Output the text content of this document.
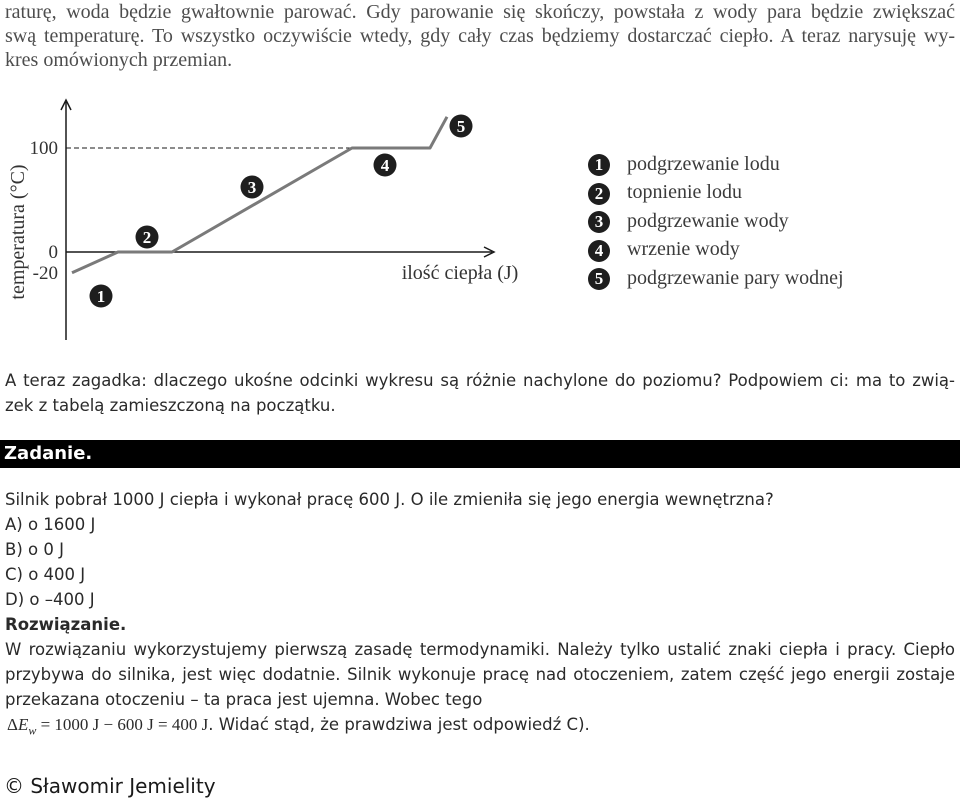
raturę, woda będzie gwałtownie parować. Gdy parowanie się skończy, powstała z wody para będzie zwiększać
swą temperaturę. To wszystko oczywiście wtedy, gdy cały czas będziemy dostarczać ciepło. A teraz narysuję wy-
kres omówionych przemian.
100
0
-20
temperatura (°C)	ilość ciepła (J)
1
2
3
4
5
1	podgrzewanie lodu
2	topnienie lodu
3	podgrzewanie wody
4	wrzenie wody
5	podgrzewanie pary wodnej
A teraz zagadka: dlaczego ukośne odcinki wykresu są różnie nachylone do poziomu? Podpowiem ci: ma to zwią-
zek z tabelą zamieszczoną na początku.
Zadanie.
Silnik pobrał 1000 J ciepła i wykonał pracę 600 J. O ile zmieniła się jego energia wewnętrzna?
A) o 1600 J
B) o 0 J
C) o 400 J
D) o –400 J
Rozwiązanie.
W rozwiązaniu wykorzystujemy pierwszą zasadę termodynamiki. Należy tylko ustalić znaki ciepła i pracy. Ciepło
przybywa do silnika, jest więc dodatnie. Silnik wykonuje pracę nad otoczeniem, zatem część jego energii zostaje
przekazana otoczeniu – ta praca jest ujemna. Wobec tego
$\Delta E_w = 1000$ J − 600 J = 400 J. Widać stąd, że prawdziwa jest odpowiedź C).
© Sławomir Jemielity
